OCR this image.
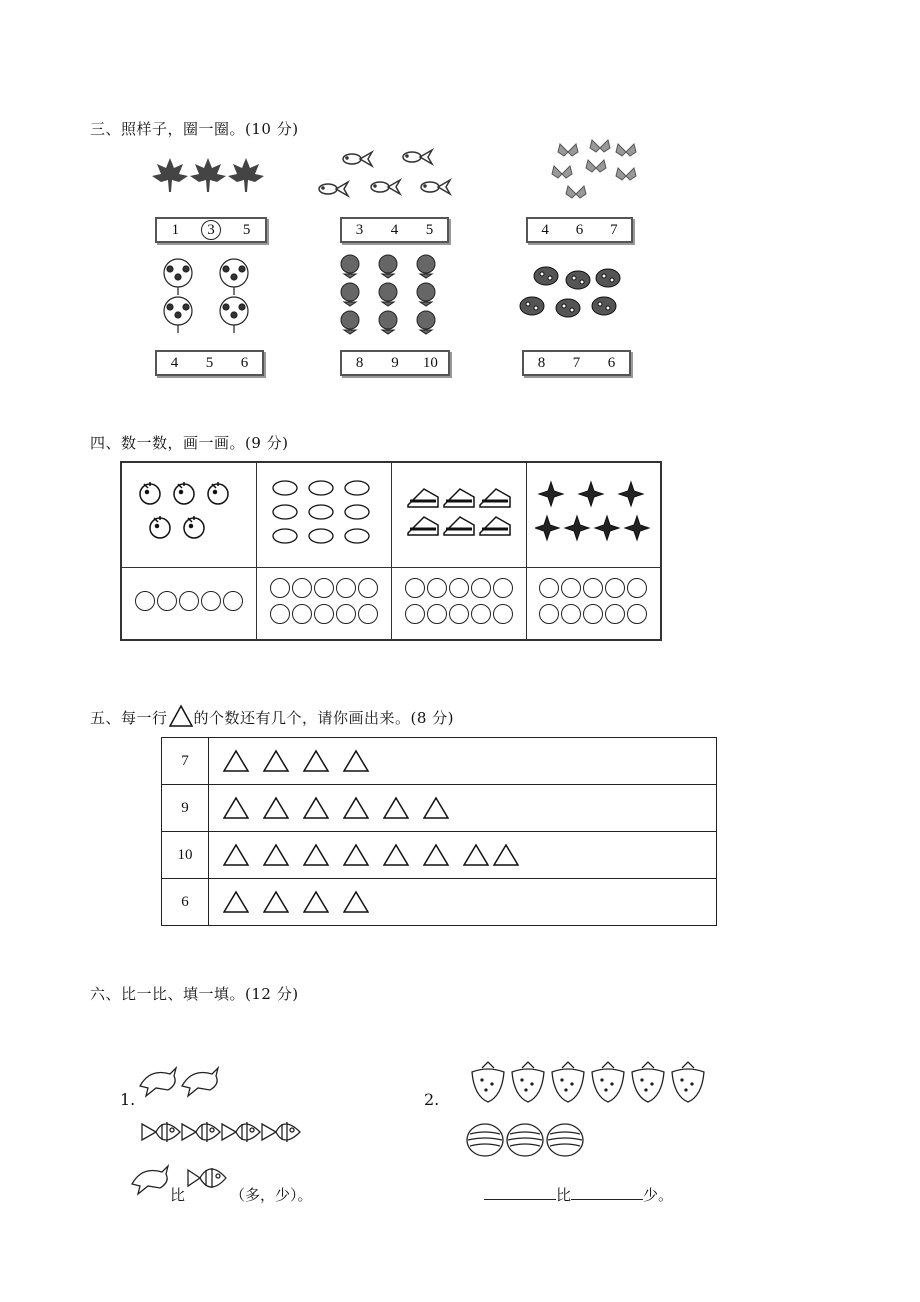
三、照样子，圈一圈。(10 分)
1	3	5	3	4	5	4	6	7
4	5	6	8	9	10	8	7	6
四、数一数，画一画。(9 分)

五、每一行 的个数还有几个，请你画出来。(8 分)
7	
9	
10	
6	
六、比一比、填一填。(12 分)
1.
比	（多，少）。
2.
比	少。
